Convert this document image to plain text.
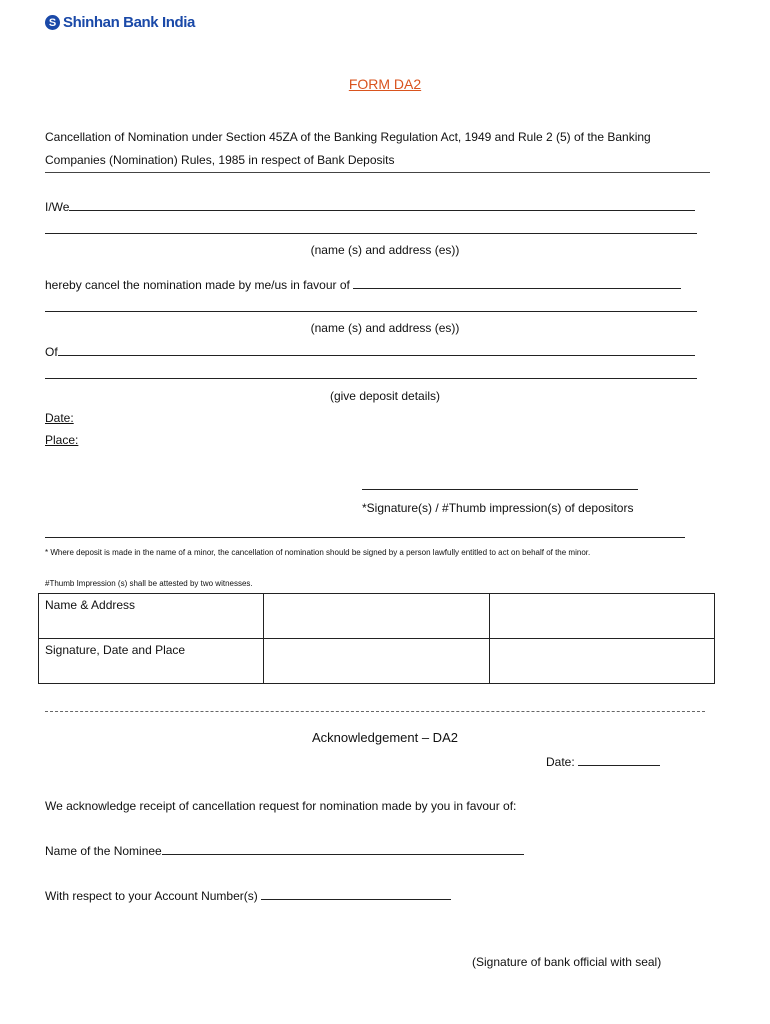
S Shinhan Bank India
FORM DA2
Cancellation of Nomination under Section 45ZA of the Banking Regulation Act, 1949 and Rule 2 (5) of the Banking Companies (Nomination) Rules, 1985 in respect of Bank Deposits
I/We
(name (s) and address (es))
hereby cancel the nomination made by me/us in favour of
(name (s) and address (es))
Of
(give deposit details)
Date:
Place:
*Signature(s) / #Thumb impression(s) of depositors
* Where deposit is made in the name of a minor, the cancellation of nomination should be signed by a person lawfully entitled to act on behalf of the minor.
#Thumb Impression (s) shall be attested by two witnesses.
Name & Address		
Signature, Date and Place		
Acknowledgement – DA2
Date:
We acknowledge receipt of cancellation request for nomination made by you in favour of:
Name of the Nominee
With respect to your Account Number(s)
(Signature of bank official with seal)
